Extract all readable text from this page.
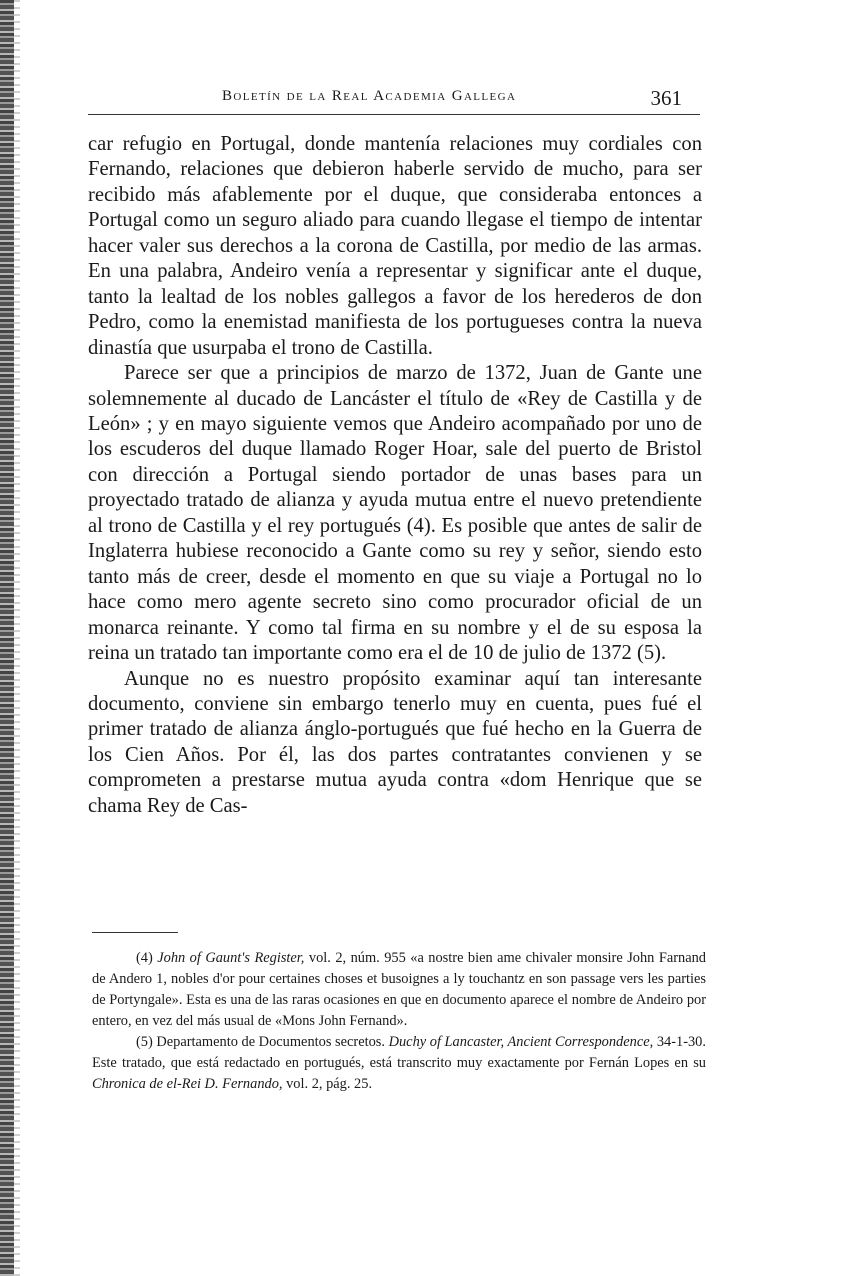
Boletín de la Real Academia Gallega	361

car refugio en Portugal, donde mantenía relaciones muy cordiales con Fernando, relaciones que debieron haberle servido de mucho, para ser recibido más afablemente por el duque, que consideraba entonces a Portugal como un seguro aliado para cuando llegase el tiempo de intentar hacer valer sus derechos a la corona de Castilla, por medio de las armas. En una palabra, Andeiro venía a representar y significar ante el duque, tanto la lealtad de los nobles gallegos a favor de los herederos de don Pedro, como la enemistad manifiesta de los portugueses contra la nueva dinastía que usurpaba el trono de Castilla.

Parece ser que a principios de marzo de 1372, Juan de Gante une solemnemente al ducado de Lancáster el título de «Rey de Castilla y de León» ; y en mayo siguiente vemos que Andeiro acompañado por uno de los escuderos del duque llamado Roger Hoar, sale del puerto de Bristol con dirección a Portugal siendo portador de unas bases para un proyectado tratado de alianza y ayuda mutua entre el nuevo pretendiente al trono de Castilla y el rey portugués (4). Es posible que antes de salir de Inglaterra hubiese reconocido a Gante como su rey y señor, siendo esto tanto más de creer, desde el momento en que su viaje a Portugal no lo hace como mero agente secreto sino como procurador oficial de un monarca reinante. Y como tal firma en su nombre y el de su esposa la reina un tratado tan importante como era el de 10 de julio de 1372 (5).

Aunque no es nuestro propósito examinar aquí tan interesante documento, conviene sin embargo tenerlo muy en cuenta, pues fué el primer tratado de alianza ánglo-portugués que fué hecho en la Guerra de los Cien Años. Por él, las dos partes contratantes convienen y se comprometen a prestarse mutua ayuda contra «dom Henrique que se chama Rey de Cas-

(4) John of Gaunt's Register, vol. 2, núm. 955 «a nostre bien ame chivaler monsire John Farnand de Andero 1, nobles d'or pour certaines choses et busoignes a ly touchantz en son passage vers les parties de Portyngale». Esta es una de las raras ocasiones en que en documento aparece el nombre de Andeiro por entero, en vez del más usual de «Mons John Fernand».

(5) Departamento de Documentos secretos. Duchy of Lancaster, Ancient Correspondence, 34-1-30. Este tratado, que está redactado en portugués, está transcrito muy exactamente por Fernán Lopes en su Chronica de el-Rei D. Fernando, vol. 2, pág. 25.
